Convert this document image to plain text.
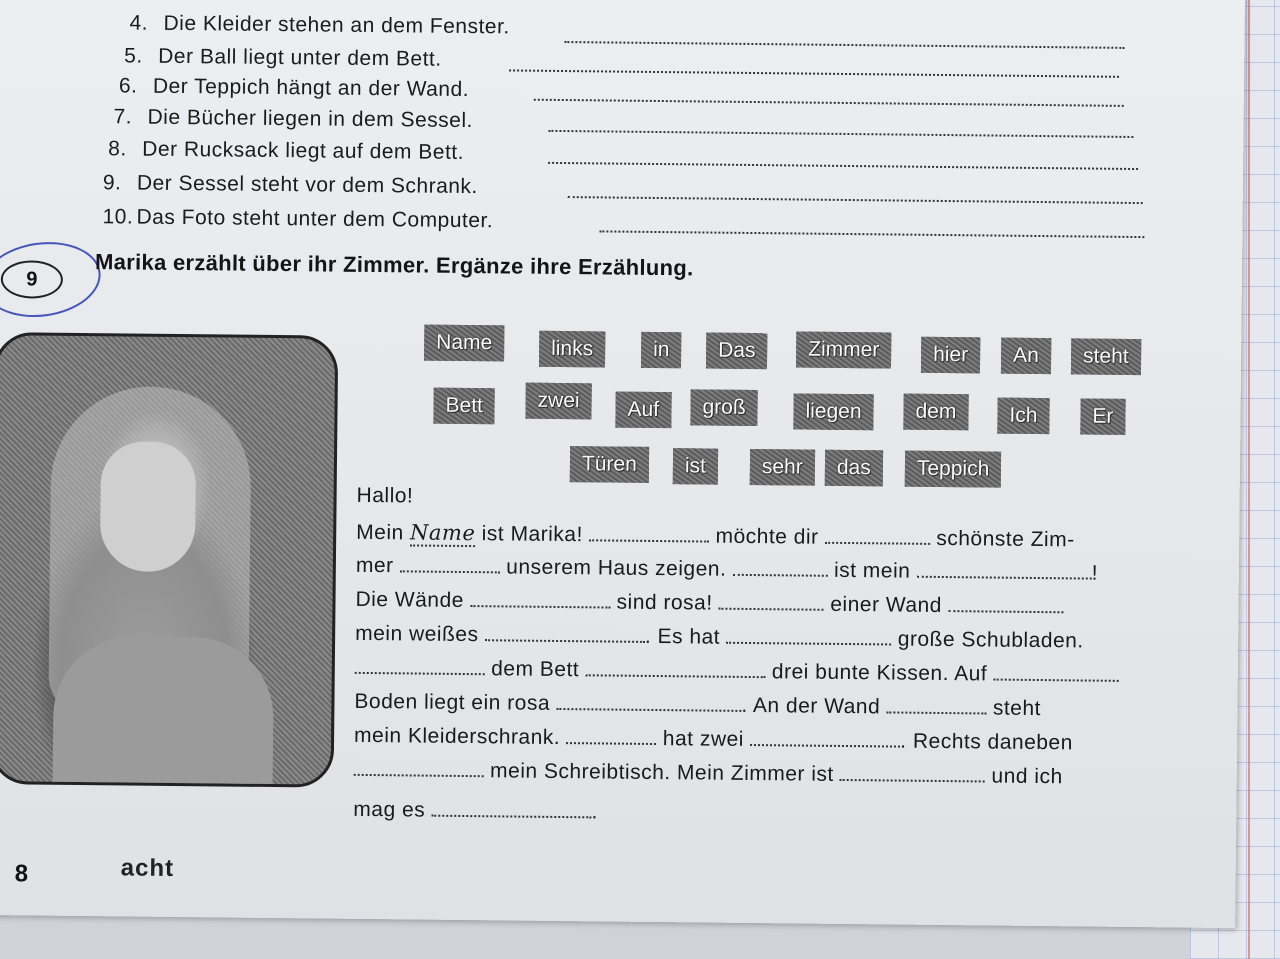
4. Die Kleider stehen an dem Fenster.
5. Der Ball liegt unter dem Bett.
6. Der Teppich hängt an der Wand.
7. Die Bücher liegen in dem Sessel.
8. Der Rucksack liegt auf dem Bett.
9. Der Sessel steht vor dem Schrank.
10. Das Foto steht unter dem Computer.
9	Marika erzählt über ihr Zimmer. Ergänze ihre Erzählung.
Name	links	in	Das	Zimmer	hier	An	steht
Bett	zwei	Auf	groß	liegen	dem	Ich	Er
Türen	ist	sehr	das	Teppich
Hallo!
Mein Name ist Marika!	möchte dir	schönste Zim-
mer	unserem Haus zeigen.	ist mein	!
Die Wände	sind rosa!	einer Wand
mein weißes	. Es hat	große Schubladen.
dem Bett	drei bunte Kissen. Auf
Boden liegt ein rosa	. An der Wand	steht
mein Kleiderschrank.	hat zwei	. Rechts daneben
mein Schreibtisch. Mein Zimmer ist	und ich
mag es	.
8	acht
